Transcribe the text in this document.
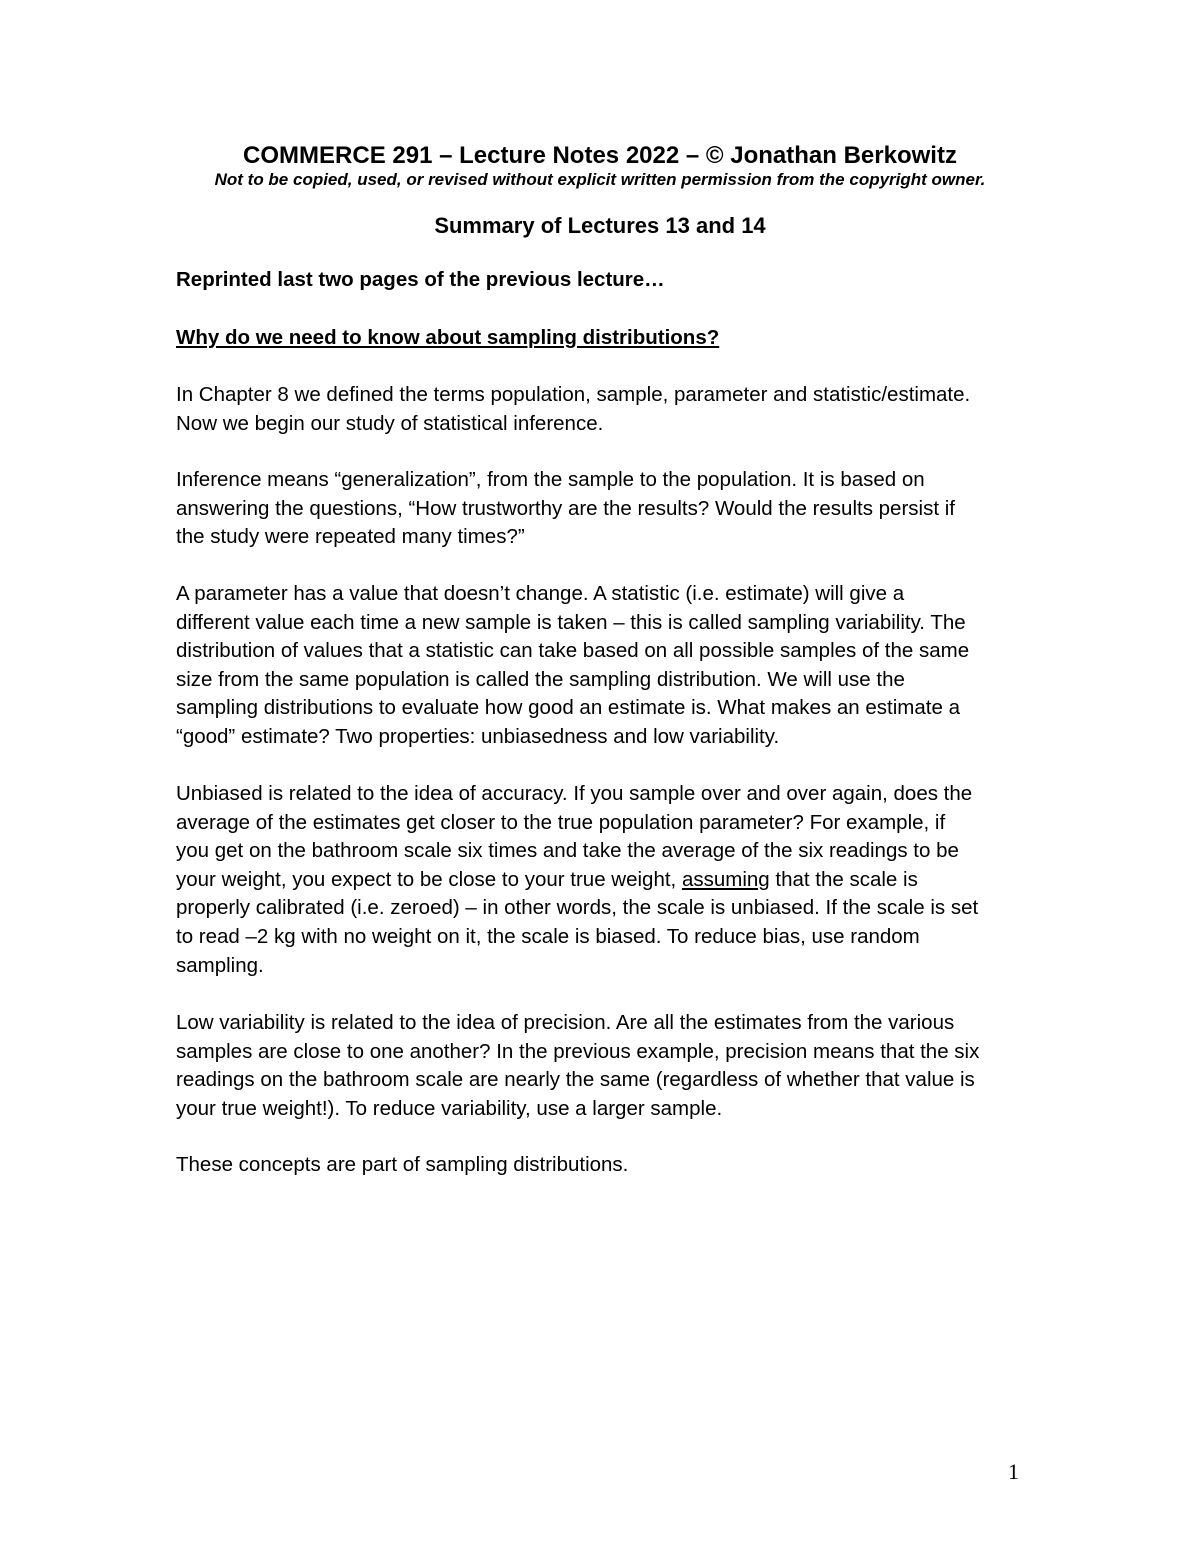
COMMERCE 291 – Lecture Notes 2022 – © Jonathan Berkowitz
Not to be copied, used, or revised without explicit written permission from the copyright owner.
Summary of Lectures 13 and 14
Reprinted last two pages of the previous lecture…
Why do we need to know about sampling distributions?
In Chapter 8 we defined the terms population, sample, parameter and statistic/estimate.
Now we begin our study of statistical inference.
Inference means “generalization”, from the sample to the population. It is based on
answering the questions, “How trustworthy are the results? Would the results persist if
the study were repeated many times?”
A parameter has a value that doesn’t change. A statistic (i.e. estimate) will give a
different value each time a new sample is taken – this is called sampling variability. The
distribution of values that a statistic can take based on all possible samples of the same
size from the same population is called the sampling distribution. We will use the
sampling distributions to evaluate how good an estimate is. What makes an estimate a
“good” estimate? Two properties: unbiasedness and low variability.
Unbiased is related to the idea of accuracy. If you sample over and over again, does the
average of the estimates get closer to the true population parameter? For example, if
you get on the bathroom scale six times and take the average of the six readings to be
your weight, you expect to be close to your true weight, assuming that the scale is
properly calibrated (i.e. zeroed) – in other words, the scale is unbiased. If the scale is set
to read –2 kg with no weight on it, the scale is biased. To reduce bias, use random
sampling.
Low variability is related to the idea of precision. Are all the estimates from the various
samples are close to one another? In the previous example, precision means that the six
readings on the bathroom scale are nearly the same (regardless of whether that value is
your true weight!). To reduce variability, use a larger sample.
These concepts are part of sampling distributions.
1
